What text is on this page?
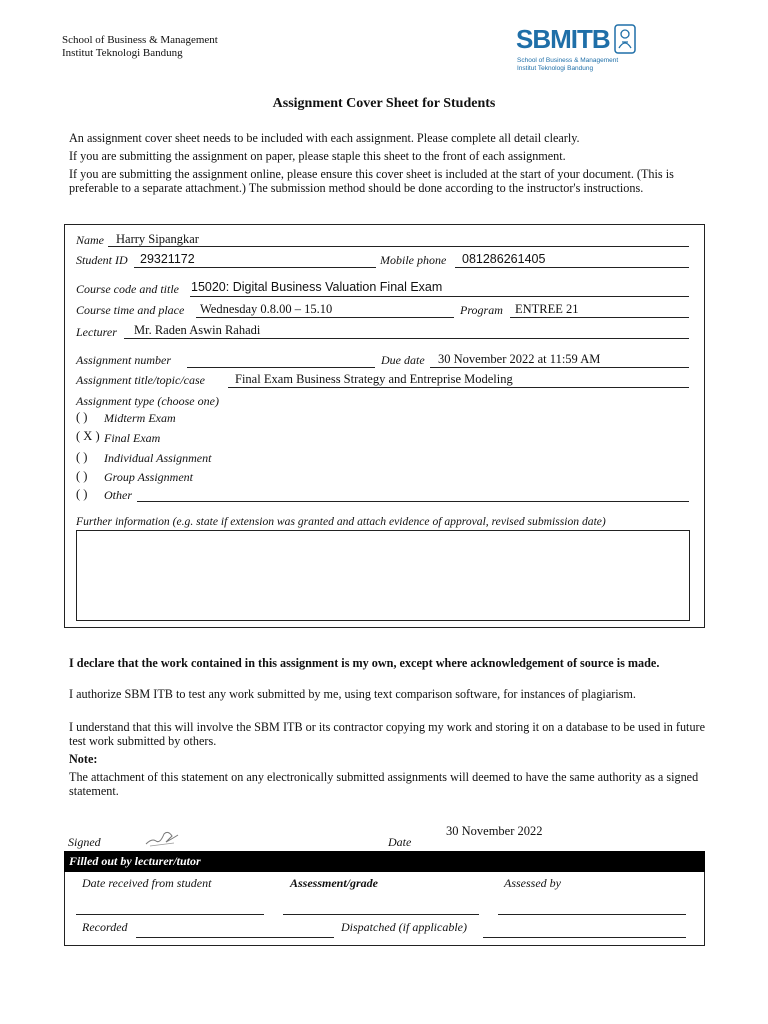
School of Business & Management
Institut Teknologi Bandung	SBMITB
School of Business & Management
Institut Teknologi Bandung
Assignment Cover Sheet for Students
An assignment cover sheet needs to be included with each assignment. Please complete all detail clearly.
If you are submitting the assignment on paper, please staple this sheet to the front of each assignment.
If you are submitting the assignment online, please ensure this cover sheet is included at the start of your document. (This is preferable to a separate attachment.) The submission method should be done according to the instructor's instructions.
Name Harry Sipangkar
Student ID 29321172	Mobile phone 081286261405
Course code and title 15020: Digital Business Valuation Final Exam
Course time and place Wednesday 0.8.00 – 15.10	Program ENTREE 21
Lecturer Mr. Raden Aswin Rahadi
Assignment number	Due date 30 November 2022 at 11:59 AM
Assignment title/topic/case Final Exam Business Strategy and Entreprise Modeling
Assignment type (choose one)
( ) Midterm Exam
( X ) Final Exam
( ) Individual Assignment
( ) Group Assignment
( ) Other
Further information (e.g. state if extension was granted and attach evidence of approval, revised submission date)
I declare that the work contained in this assignment is my own, except where acknowledgement of source is made.
I authorize SBM ITB to test any work submitted by me, using text comparison software, for instances of plagiarism.
I understand that this will involve the SBM ITB or its contractor copying my work and storing it on a database to be used in future test work submitted by others.
Note:
The attachment of this statement on any electronically submitted assignments will deemed to have the same authority as a signed statement.
Signed	Date
30 November 2022
Filled out by lecturer/tutor
Date received from student	Assessment/grade	Assessed by
Recorded	Dispatched (if applicable)
